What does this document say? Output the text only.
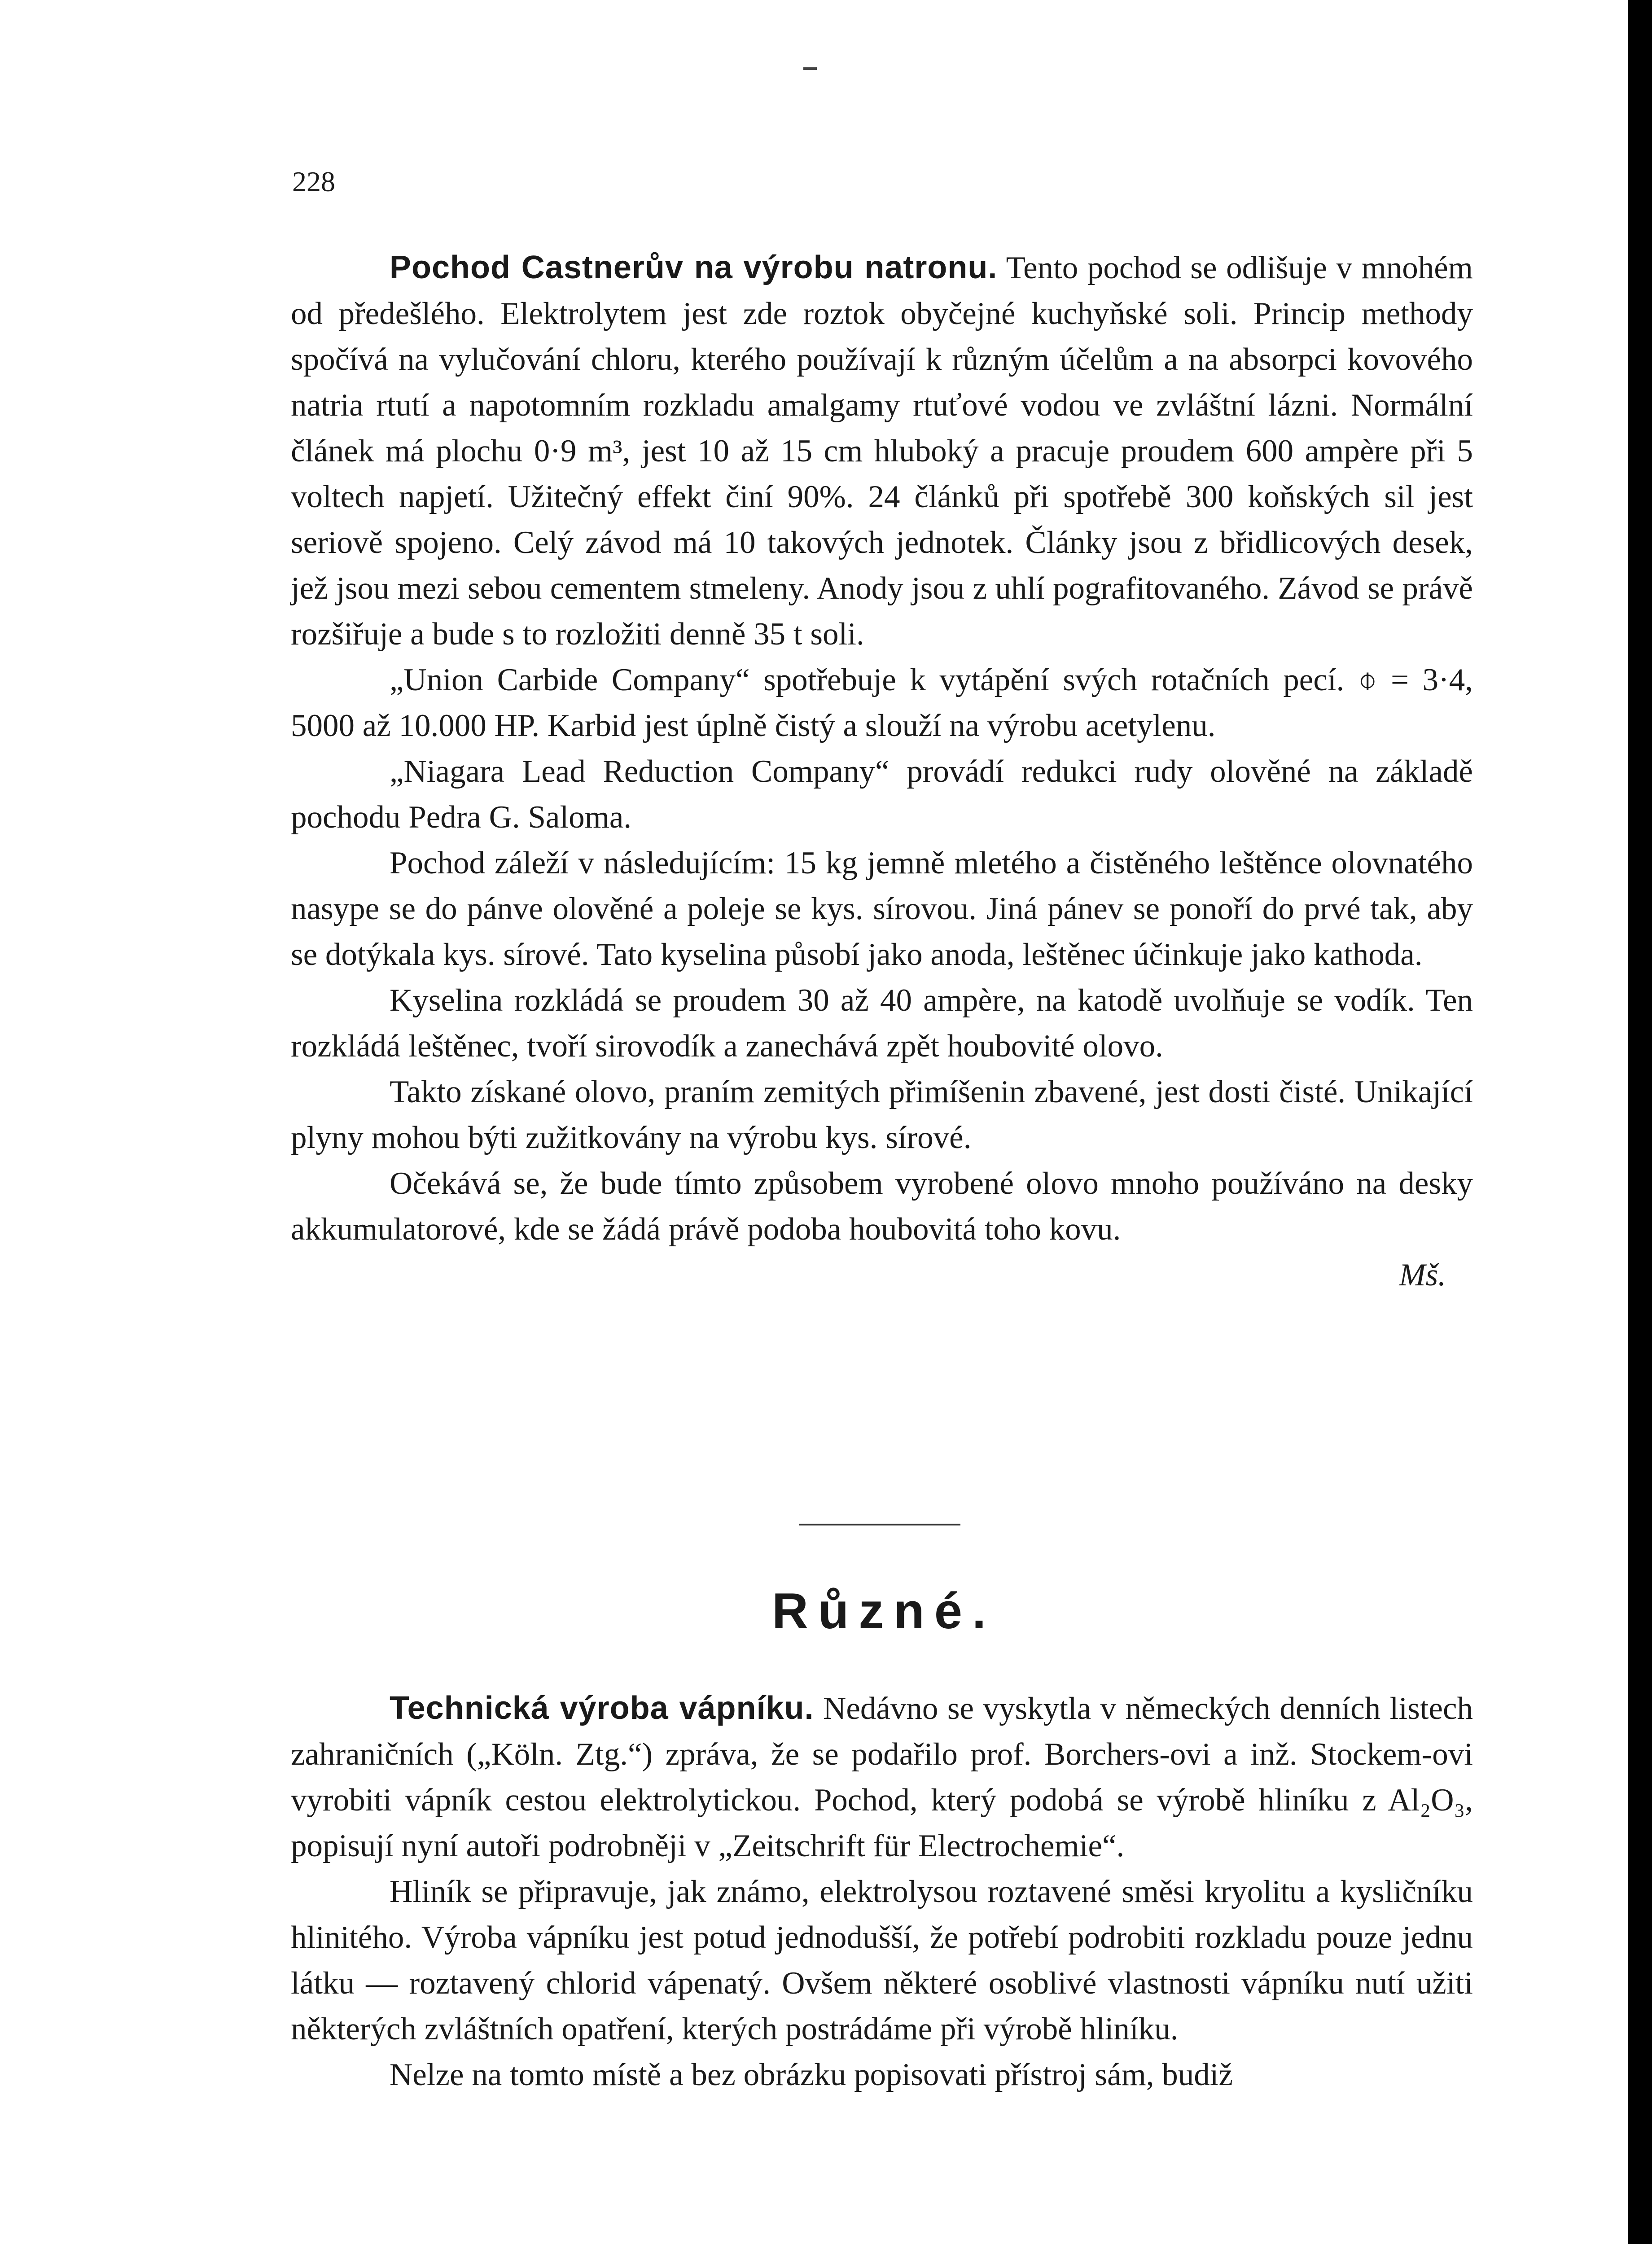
228

Pochod Castnerův na výrobu natronu. Tento pochod se odlišuje v mnohém od předešlého. Elektrolytem jest zde roztok obyčejné kuchyňské soli. Princip methody spočívá na vylučování chloru, kterého používají k různým účelům a na absorpci kovového natria rtutí a napotomním rozkladu amalgamy rtuťové vodou ve zvláštní lázni. Normální článek má plochu 0·9 m³, jest 10 až 15 cm hluboký a pracuje proudem 600 ampère při 5 voltech napjetí. Užitečný effekt činí 90%. 24 článků při spotřebě 300 koňských sil jest seriově spojeno. Celý závod má 10 takových jednotek. Články jsou z břidlicových desek, jež jsou mezi sebou cementem stmeleny. Anody jsou z uhlí pografitovaného. Závod se právě rozšiřuje a bude s to rozložiti denně 35 t soli.

„Union Carbide Company“ spotřebuje k vytápění svých rotačních pecí. ⌽ = 3·4, 5000 až 10.000 HP. Karbid jest úplně čistý a slouží na výrobu acetylenu.

„Niagara Lead Reduction Company“ provádí redukci rudy olověné na základě pochodu Pedra G. Saloma.

Pochod záleží v následujícím: 15 kg jemně mletého a čistěného leštěnce olovnatého nasype se do pánve olověné a poleje se kys. sírovou. Jiná pánev se ponoří do prvé tak, aby se dotýkala kys. sírové. Tato kyselina působí jako anoda, leštěnec účinkuje jako kathoda.

Kyselina rozkládá se proudem 30 až 40 ampère, na katodě uvolňuje se vodík. Ten rozkládá leštěnec, tvoří sirovodík a zanechává zpět houbovité olovo.

Takto získané olovo, praním zemitých přimíšenin zbavené, jest dosti čisté. Unikající plyny mohou býti zužitkovány na výrobu kys. sírové.

Očekává se, že bude tímto způsobem vyrobené olovo mnoho používáno na desky akkumulatorové, kde se žádá právě podoba houbovitá toho kovu.

Mš.
Různé.

Technická výroba vápníku. Nedávno se vyskytla v německých denních listech zahraničních („Köln. Ztg.“) zpráva, že se podařilo prof. Borchers-ovi a inž. Stockem-ovi vyrobiti vápník cestou elektrolytickou. Pochod, který podobá se výrobě hliníku z Al₂O₃, popisují nyní autoři podrobněji v „Zeitschrift für Electrochemie“.

Hliník se připravuje, jak známo, elektrolysou roztavené směsi kryolitu a kysličníku hlinitého. Výroba vápníku jest potud jednodušší, že potřebí podrobiti rozkladu pouze jednu látku — roztavený chlorid vápenatý. Ovšem některé osoblivé vlastnosti vápníku nutí užiti některých zvláštních opatření, kterých postrádáme při výrobě hliníku.

Nelze na tomto místě a bez obrázku popisovati přístroj sám, budiž
